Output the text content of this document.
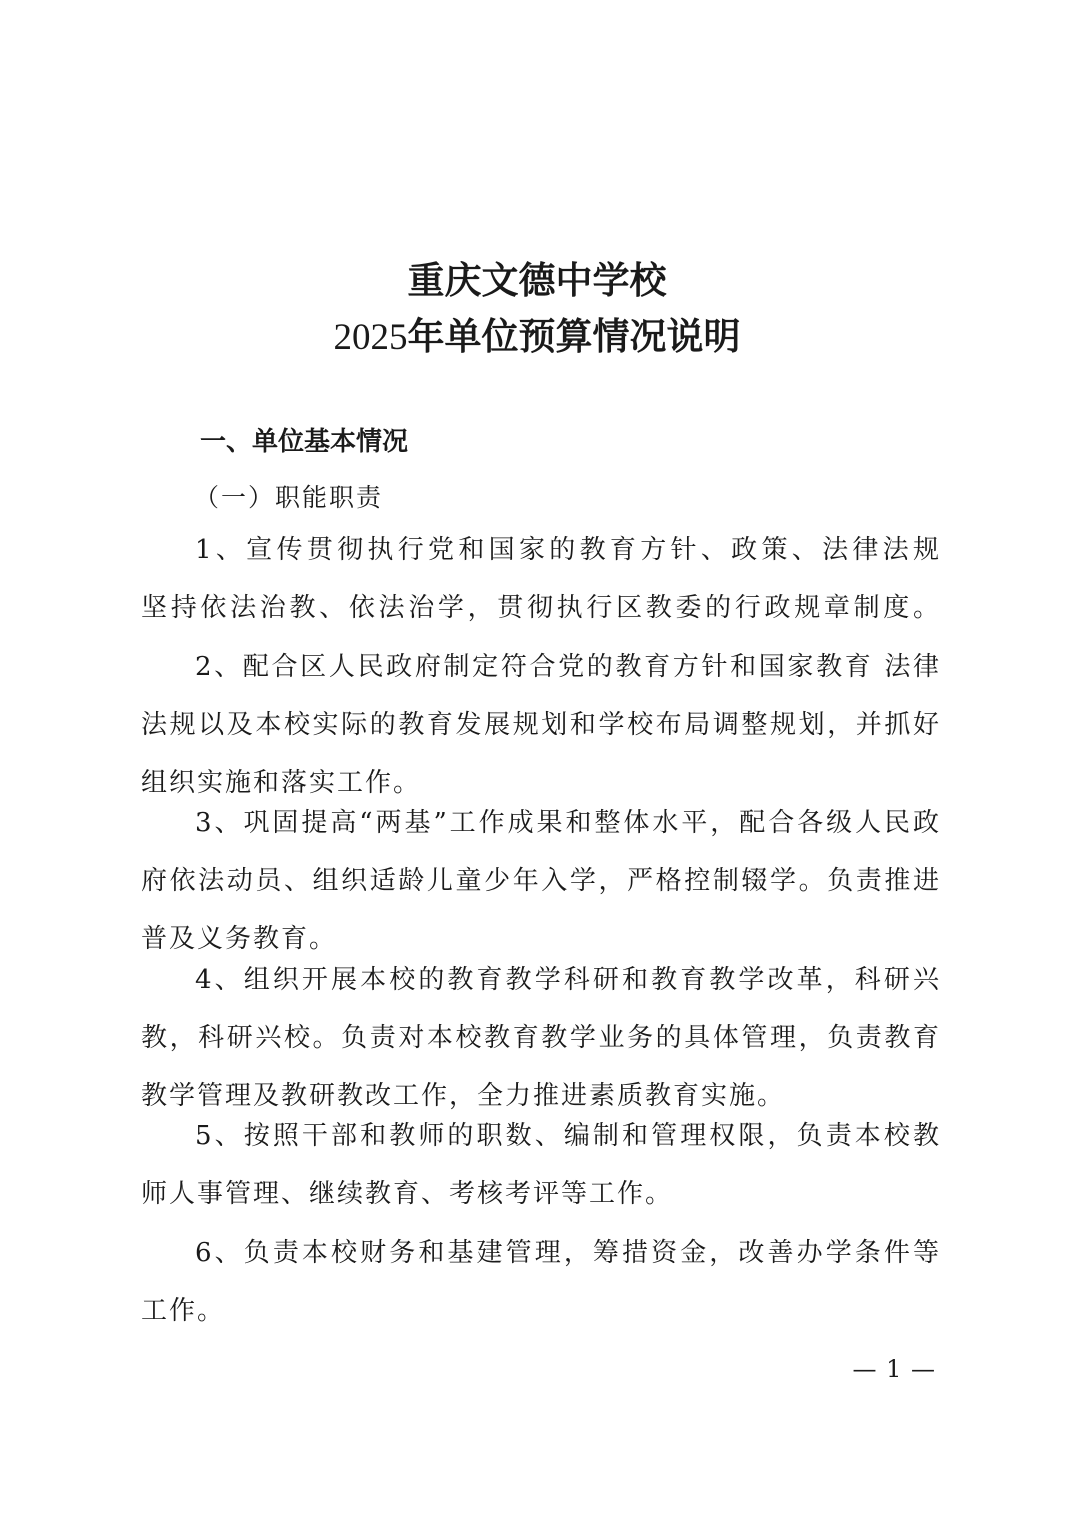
重庆文德中学校
2025年单位预算情况说明
一、单位基本情况
（一）职能职责
1、宣传贯彻执行党和国家的教育方针、政策、法律法规
坚持依法治教、依法治学，贯彻执行区教委的行政规章制度。
2、配合区人民政府制定符合党的教育方针和国家教育 法律
法规以及本校实际的教育发展规划和学校布局调整规划，并抓好
组织实施和落实工作。
3、巩固提高“两基”工作成果和整体水平，配合各级人民政
府依法动员、组织适龄儿童少年入学，严格控制辍学。负责推进
普及义务教育。
4、组织开展本校的教育教学科研和教育教学改革，科研兴
教，科研兴校。负责对本校教育教学业务的具体管理，负责教育
教学管理及教研教改工作，全力推进素质教育实施。
5、按照干部和教师的职数、编制和管理权限，负责本校教
师人事管理、继续教育、考核考评等工作。
6、负责本校财务和基建管理，筹措资金，改善办学条件等
工作。
— 1 —
